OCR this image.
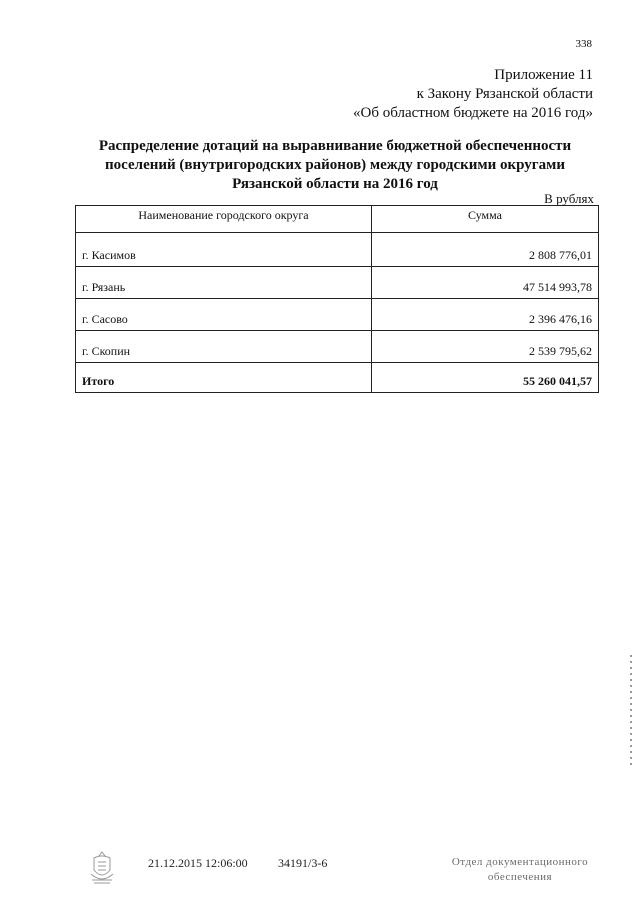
338
Приложение 11
к Закону Рязанской области
«Об областном бюджете на 2016 год»
Распределение дотаций на выравнивание бюджетной обеспеченности
поселений (внутригородских районов) между городскими округами
Рязанской области на 2016 год
В рублях
Наименование городского округа	Сумма
г. Касимов	2 808 776,01
г. Рязань	47 514 993,78
г. Сасово	2 396 476,16
г. Скопин	2 539 795,62
Итого	55 260 041,57
21.12.2015 12:06:00	34191/3-6	Отдел документационного
обеспечения
